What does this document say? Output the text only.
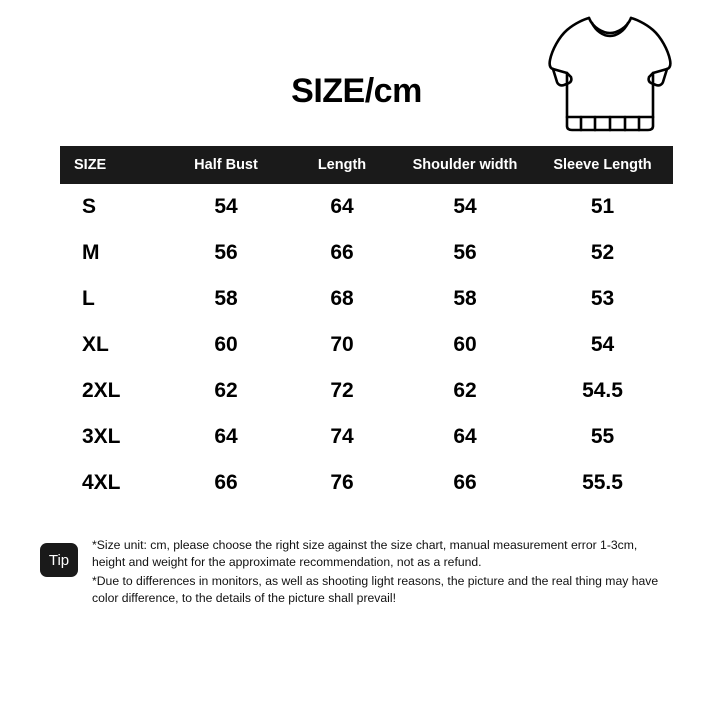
SIZE/cm
SIZE	Half Bust	Length	Shoulder width	Sleeve Length
S	54	64	54	51
M	56	66	56	52
L	58	68	58	53
XL	60	70	60	54
2XL	62	72	62	54.5
3XL	64	74	64	55
4XL	66	76	66	55.5
Tip

*Size unit: cm, please choose the right size against the size chart, manual measurement error 1-3cm, height and weight for the approximate recommendation, not as a refund.

*Due to differences in monitors, as well as shooting light reasons, the picture and the real thing may have color difference, to the details of the picture shall prevail!
